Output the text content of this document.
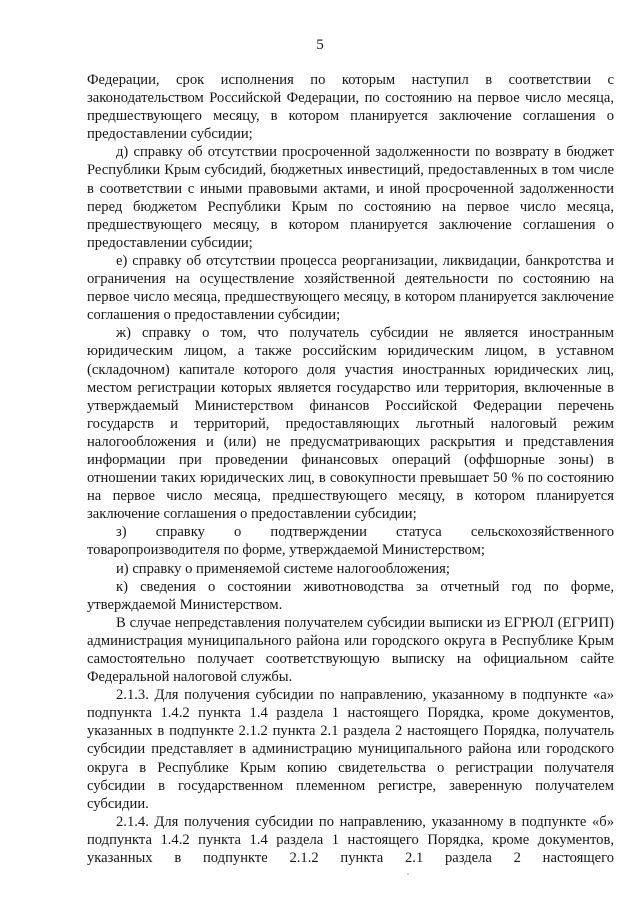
5

Федерации, срок исполнения по которым наступил в соответствии с законодательством Российской Федерации, по состоянию на первое число месяца, предшествующего месяцу, в котором планируется заключение соглашения о предоставлении субсидии;

д) справку об отсутствии просроченной задолженности по возврату в бюджет Республики Крым субсидий, бюджетных инвестиций, предоставленных в том числе в соответствии с иными правовыми актами, и иной просроченной задолженности перед бюджетом Республики Крым по состоянию на первое число месяца, предшествующего месяцу, в котором планируется заключение соглашения о предоставлении субсидии;

е) справку об отсутствии процесса реорганизации, ликвидации, банкротства и ограничения на осуществление хозяйственной деятельности по состоянию на первое число месяца, предшествующего месяцу, в котором планируется заключение соглашения о предоставлении субсидии;

ж) справку о том, что получатель субсидии не является иностранным юридическим лицом, а также российским юридическим лицом, в уставном (складочном) капитале которого доля участия иностранных юридических лиц, местом регистрации которых является государство или территория, включенные в утверждаемый Министерством финансов Российской Федерации перечень государств и территорий, предоставляющих льготный налоговый режим налогообложения и (или) не предусматривающих раскрытия и представления информации при проведении финансовых операций (оффшорные зоны) в отношении таких юридических лиц, в совокупности превышает 50 % по состоянию на первое число месяца, предшествующего месяцу, в котором планируется заключение соглашения о предоставлении субсидии;

з) справку о подтверждении статуса сельскохозяйственного товаропроизводителя по форме, утверждаемой Министерством;

и) справку о применяемой системе налогообложения;

к) сведения о состоянии животноводства за отчетный год по форме, утверждаемой Министерством.

В случае непредставления получателем субсидии выписки из ЕГРЮЛ (ЕГРИП) администрация муниципального района или городского округа в Республике Крым самостоятельно получает соответствующую выписку на официальном сайте Федеральной налоговой службы.

2.1.3. Для получения субсидии по направлению, указанному в подпункте «а» подпункта 1.4.2 пункта 1.4 раздела 1 настоящего Порядка, кроме документов, указанных в подпункте 2.1.2 пункта 2.1 раздела 2 настоящего Порядка, получатель субсидии представляет в администрацию муниципального района или городского округа в Республике Крым копию свидетельства о регистрации получателя субсидии в государственном племенном регистре, заверенную получателем субсидии.

2.1.4. Для получения субсидии по направлению, указанному в подпункте «б» подпункта 1.4.2 пункта 1.4 раздела 1 настоящего Порядка, кроме документов, указанных в подпункте 2.1.2 пункта 2.1 раздела 2 настоящего
